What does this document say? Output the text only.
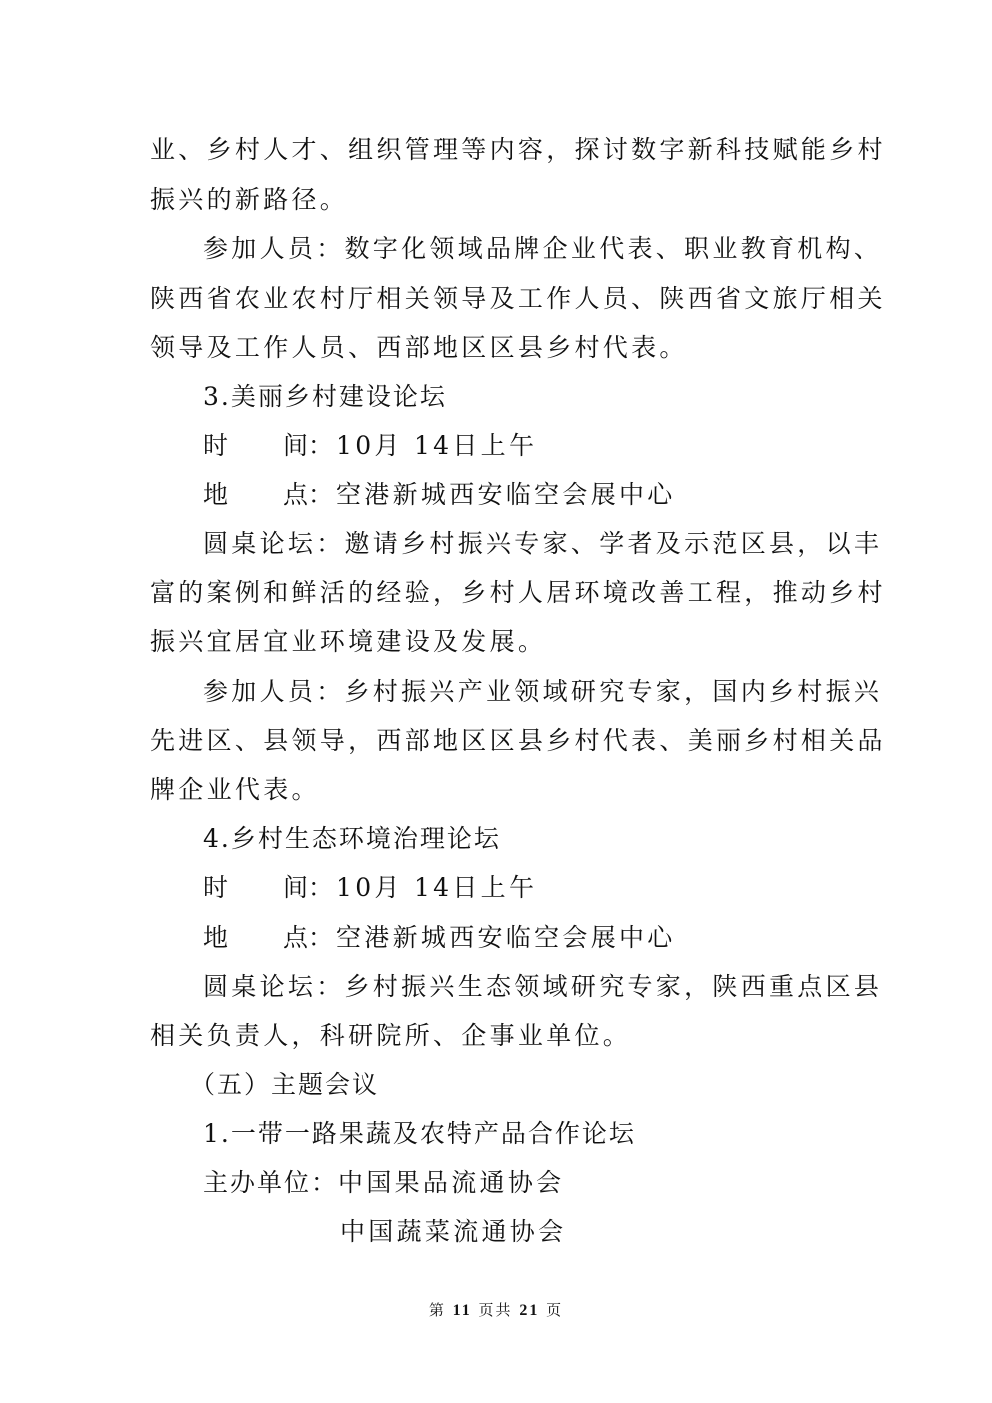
业、乡村人才、组织管理等内容，探讨数字新科技赋能乡村
振兴的新路径。
参加人员：数字化领域品牌企业代表、职业教育机构、
陕西省农业农村厅相关领导及工作人员、陕西省文旅厅相关
领导及工作人员、西部地区区县乡村代表。
3.美丽乡村建设论坛
时 间： 10月 14日上午
地 点： 空港新城西安临空会展中心
圆桌论坛：邀请乡村振兴专家、学者及示范区县，以丰
富的案例和鲜活的经验，乡村人居环境改善工程，推动乡村
振兴宜居宜业环境建设及发展。
参加人员：乡村振兴产业领域研究专家，国内乡村振兴
先进区、县领导，西部地区区县乡村代表、美丽乡村相关品
牌企业代表。
4.乡村生态环境治理论坛
时 间： 10月 14日上午
地 点： 空港新城西安临空会展中心
圆桌论坛：乡村振兴生态领域研究专家，陕西重点区县
相关负责人，科研院所、企事业单位。
（五）主题会议
1.一带一路果蔬及农特产品合作论坛
主办单位：中国果品流通协会
中国蔬菜流通协会
第 11 页共 21 页
